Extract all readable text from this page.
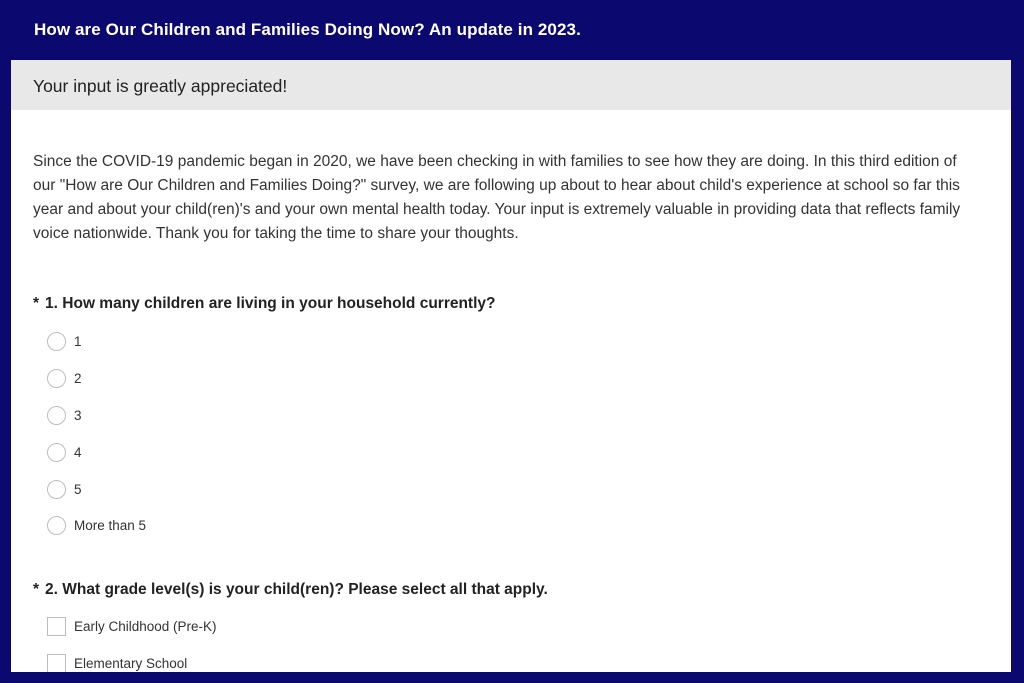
How are Our Children and Families Doing Now? An update in 2023.
Your input is greatly appreciated!
Since the COVID-19 pandemic began in 2020, we have been checking in with families to see how they are doing. In this third edition of our "How are Our Children and Families Doing?" survey, we are following up about to hear about child's experience at school so far this year and about your child(ren)'s and your own mental health today. Your input is extremely valuable in providing data that reflects family voice nationwide. Thank you for taking the time to share your thoughts.
* 1. How many children are living in your household currently?
1
2
3
4
5
More than 5
* 2. What grade level(s) is your child(ren)? Please select all that apply.
Early Childhood (Pre-K)
Elementary School
